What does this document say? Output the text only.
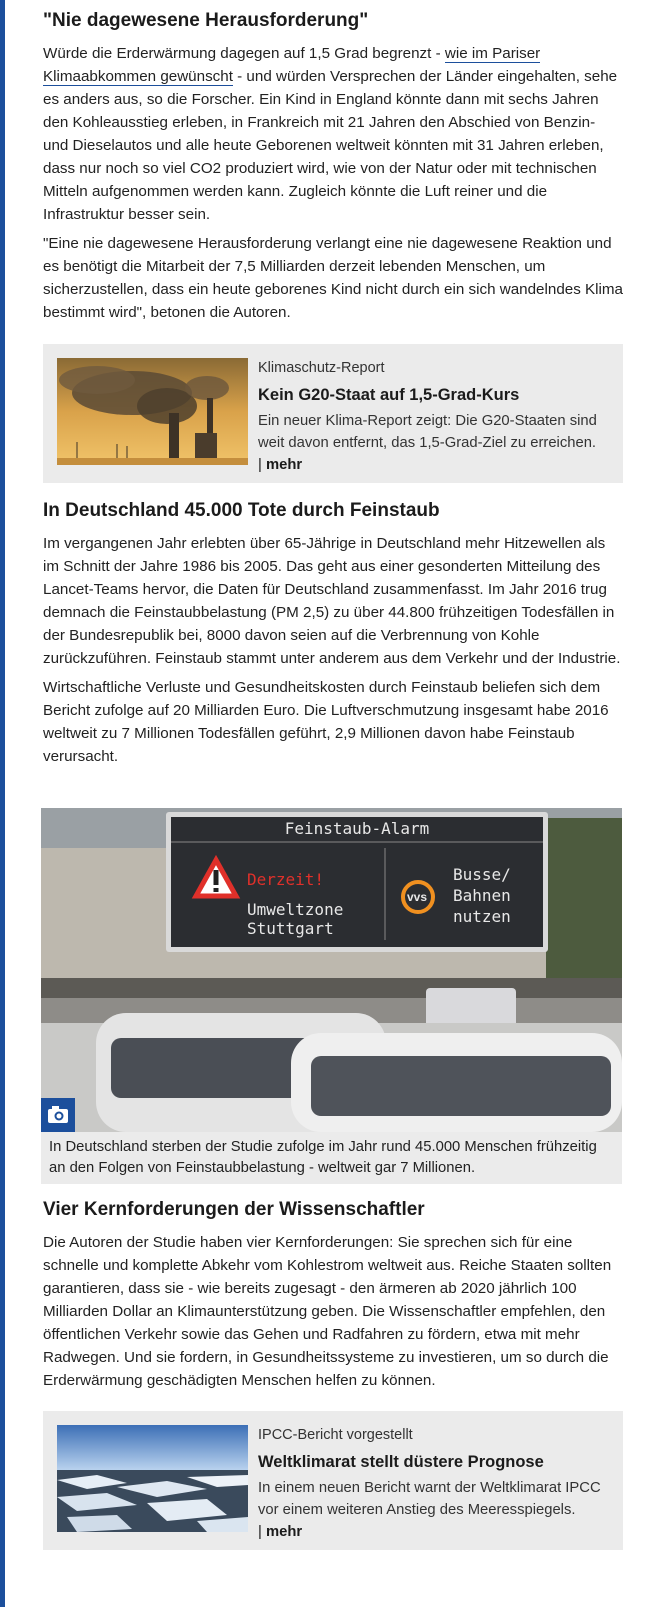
"Nie dagewesene Herausforderung"

Würde die Erderwärmung dagegen auf 1,5 Grad begrenzt - wie im Pariser Klimaabkommen gewünscht - und würden Versprechen der Länder eingehalten, sehe es anders aus, so die Forscher. Ein Kind in England könnte dann mit sechs Jahren den Kohleausstieg erleben, in Frankreich mit 21 Jahren den Abschied von Benzin- und Dieselautos und alle heute Geborenen weltweit könnten mit 31 Jahren erleben, dass nur noch so viel CO2 produziert wird, wie von der Natur oder mit technischen Mitteln aufgenommen werden kann. Zugleich könnte die Luft reiner und die Infrastruktur besser sein.

"Eine nie dagewesene Herausforderung verlangt eine nie dagewesene Reaktion und es benötigt die Mitarbeit der 7,5 Milliarden derzeit lebenden Menschen, um sicherzustellen, dass ein heute geborenes Kind nicht durch ein sich wandelndes Klima bestimmt wird", betonen die Autoren.

Klimaschutz-Report
Kein G20-Staat auf 1,5-Grad-Kurs
Ein neuer Klima-Report zeigt: Die G20-Staaten sind weit davon entfernt, das 1,5-Grad-Ziel zu erreichen.
| mehr
In Deutschland 45.000 Tote durch Feinstaub

Im vergangenen Jahr erlebten über 65-Jährige in Deutschland mehr Hitzewellen als im Schnitt der Jahre 1986 bis 2005. Das geht aus einer gesonderten Mitteilung des Lancet-Teams hervor, die Daten für Deutschland zusammenfasst. Im Jahr 2016 trug demnach die Feinstaubbelastung (PM 2,5) zu über 44.800 frühzeitigen Todesfällen in der Bundesrepublik bei, 8000 davon seien auf die Verbrennung von Kohle zurückzuführen. Feinstaub stammt unter anderem aus dem Verkehr und der Industrie.

Wirtschaftliche Verluste und Gesundheitskosten durch Feinstaub beliefen sich dem Bericht zufolge auf 20 Milliarden Euro. Die Luftverschmutzung insgesamt habe 2016 weltweit zu 7 Millionen Todesfällen geführt, 2,9 Millionen davon habe Feinstaub verursacht.

Feinstaub-Alarm
Derzeit!
Umweltzone
Stuttgart
vvs
Busse/
Bahnen
nutzen
In Deutschland sterben der Studie zufolge im Jahr rund 45.000 Menschen frühzeitig an den Folgen von Feinstaubbelastung - weltweit gar 7 Millionen.
Vier Kernforderungen der Wissenschaftler

Die Autoren der Studie haben vier Kernforderungen: Sie sprechen sich für eine schnelle und komplette Abkehr vom Kohlestrom weltweit aus. Reiche Staaten sollten garantieren, dass sie - wie bereits zugesagt - den ärmeren ab 2020 jährlich 100 Milliarden Dollar an Klimaunterstützung geben. Die Wissenschaftler empfehlen, den öffentlichen Verkehr sowie das Gehen und Radfahren zu fördern, etwa mit mehr Radwegen. Und sie fordern, in Gesundheitssysteme zu investieren, um so durch die Erderwärmung geschädigten Menschen helfen zu können.

IPCC-Bericht vorgestellt
Weltklimarat stellt düstere Prognose
In einem neuen Bericht warnt der Weltklimarat IPCC vor einem weiteren Anstieg des Meeresspiegels.
| mehr
